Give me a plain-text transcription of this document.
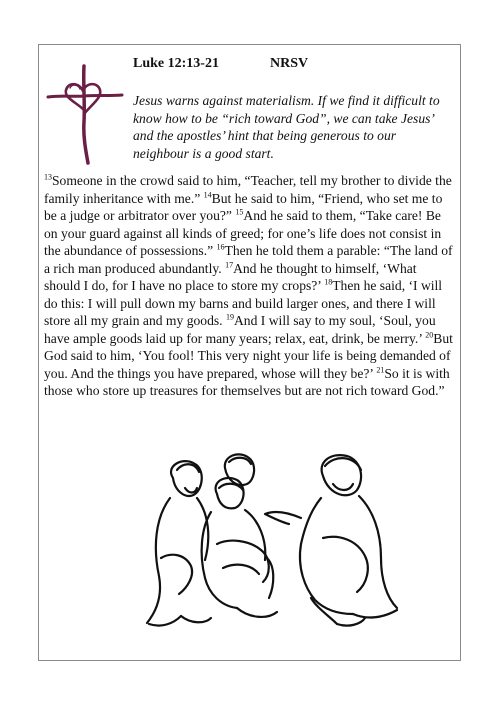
Luke 12:13-21	NRSV
Jesus warns against materialism. If we find it difficult to know how to be “rich toward God”, we can take Jesus’ and the apostles’ hint that being generous to our neighbour is a good start.
$^{13}$Someone in the crowd said to him, “Teacher, tell my brother to divide the family inheritance with me.” $^{14}$But he said to him, “Friend, who set me to be a judge or arbitrator over you?” $^{15}$And he said to them, “Take care! Be on your guard against all kinds of greed; for one’s life does not consist in the abundance of possessions.” $^{16}$Then he told them a parable: “The land of a rich man produced abundantly. $^{17}$And he thought to himself, ‘What should I do, for I have no place to store my crops?’ $^{18}$Then he said, ‘I will do this: I will pull down my barns and build larger ones, and there I will store all my grain and my goods. $^{19}$And I will say to my soul, ‘Soul, you have ample goods laid up for many years; relax, eat, drink, be merry.’ $^{20}$But God said to him, ‘You fool! This very night your life is being demanded of you. And the things you have prepared, whose will they be?’ $^{21}$So it is with those who store up treasures for themselves but are not rich toward God.”
